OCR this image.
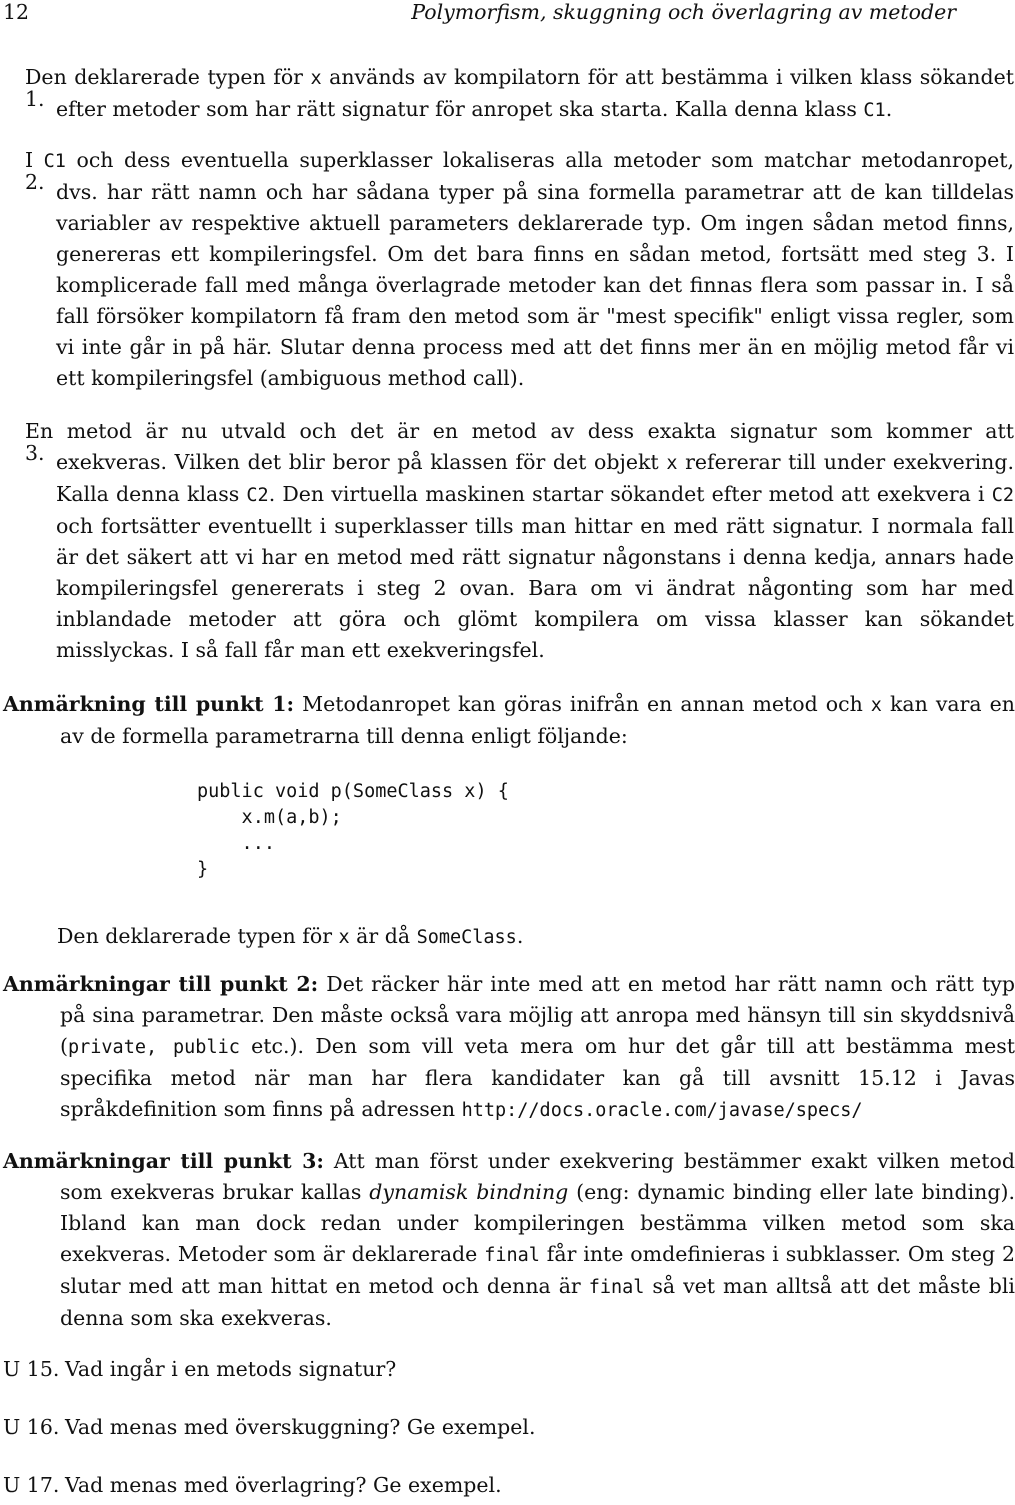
12	Polymorfism, skuggning och överlagring av metoder
1.
Den deklarerade typen för x används av kompilatorn för att bestämma i vilken klass sökandet efter metoder som har rätt signatur för anropet ska starta. Kalla denna klass C1.
2.
I C1 och dess eventuella superklasser lokaliseras alla metoder som matchar metodanropet, dvs. har rätt namn och har sådana typer på sina formella parametrar att de kan tilldelas variabler av respektive aktuell parameters deklarerade typ. Om ingen sådan metod finns, genereras ett kompileringsfel. Om det bara finns en sådan metod, fortsätt med steg 3. I komplicerade fall med många överlagrade metoder kan det finnas flera som passar in. I så fall försöker kompilatorn få fram den metod som är "mest specifik" enligt vissa regler, som vi inte går in på här. Slutar denna process med att det finns mer än en möjlig metod får vi ett kompileringsfel (ambiguous method call).
3.
En metod är nu utvald och det är en metod av dess exakta signatur som kommer att exekveras. Vilken det blir beror på klassen för det objekt x refererar till under exekvering. Kalla denna klass C2. Den virtuella maskinen startar sökandet efter metod att exekvera i C2 och fortsätter eventuellt i superklasser tills man hittar en med rätt signatur. I normala fall är det säkert att vi har en metod med rätt signatur någonstans i denna kedja, annars hade kompileringsfel genererats i steg 2 ovan. Bara om vi ändrat någonting som har med inblandade metoder att göra och glömt kompilera om vissa klasser kan sökandet misslyckas. I så fall får man ett exekveringsfel.
Anmärkning till punkt 1: Metodanropet kan göras inifrån en annan metod och x kan vara en av de formella parametrarna till denna enligt följande:
public void p(SomeClass x) {
x.m(a,b);
...
}
Den deklarerade typen för x är då SomeClass.
Anmärkningar till punkt 2: Det räcker här inte med att en metod har rätt namn och rätt typ på sina parametrar. Den måste också vara möjlig att anropa med hänsyn till sin skyddsnivå (private, public etc.). Den som vill veta mera om hur det går till att bestämma mest specifika metod när man har flera kandidater kan gå till avsnitt 15.12 i Javas språkdefinition som finns på adressen http://docs.oracle.com/javase/specs/
Anmärkningar till punkt 3: Att man först under exekvering bestämmer exakt vilken metod som exekveras brukar kallas dynamisk bindning (eng: dynamic binding eller late binding). Ibland kan man dock redan under kompileringen bestämma vilken metod som ska exekveras. Metoder som är deklarerade final får inte omdefinieras i subklasser. Om steg 2 slutar med att man hittat en metod och denna är final så vet man alltså att det måste bli denna som ska exekveras.
U 15. Vad ingår i en metods signatur?
U 16. Vad menas med överskuggning? Ge exempel.
U 17. Vad menas med överlagring? Ge exempel.
